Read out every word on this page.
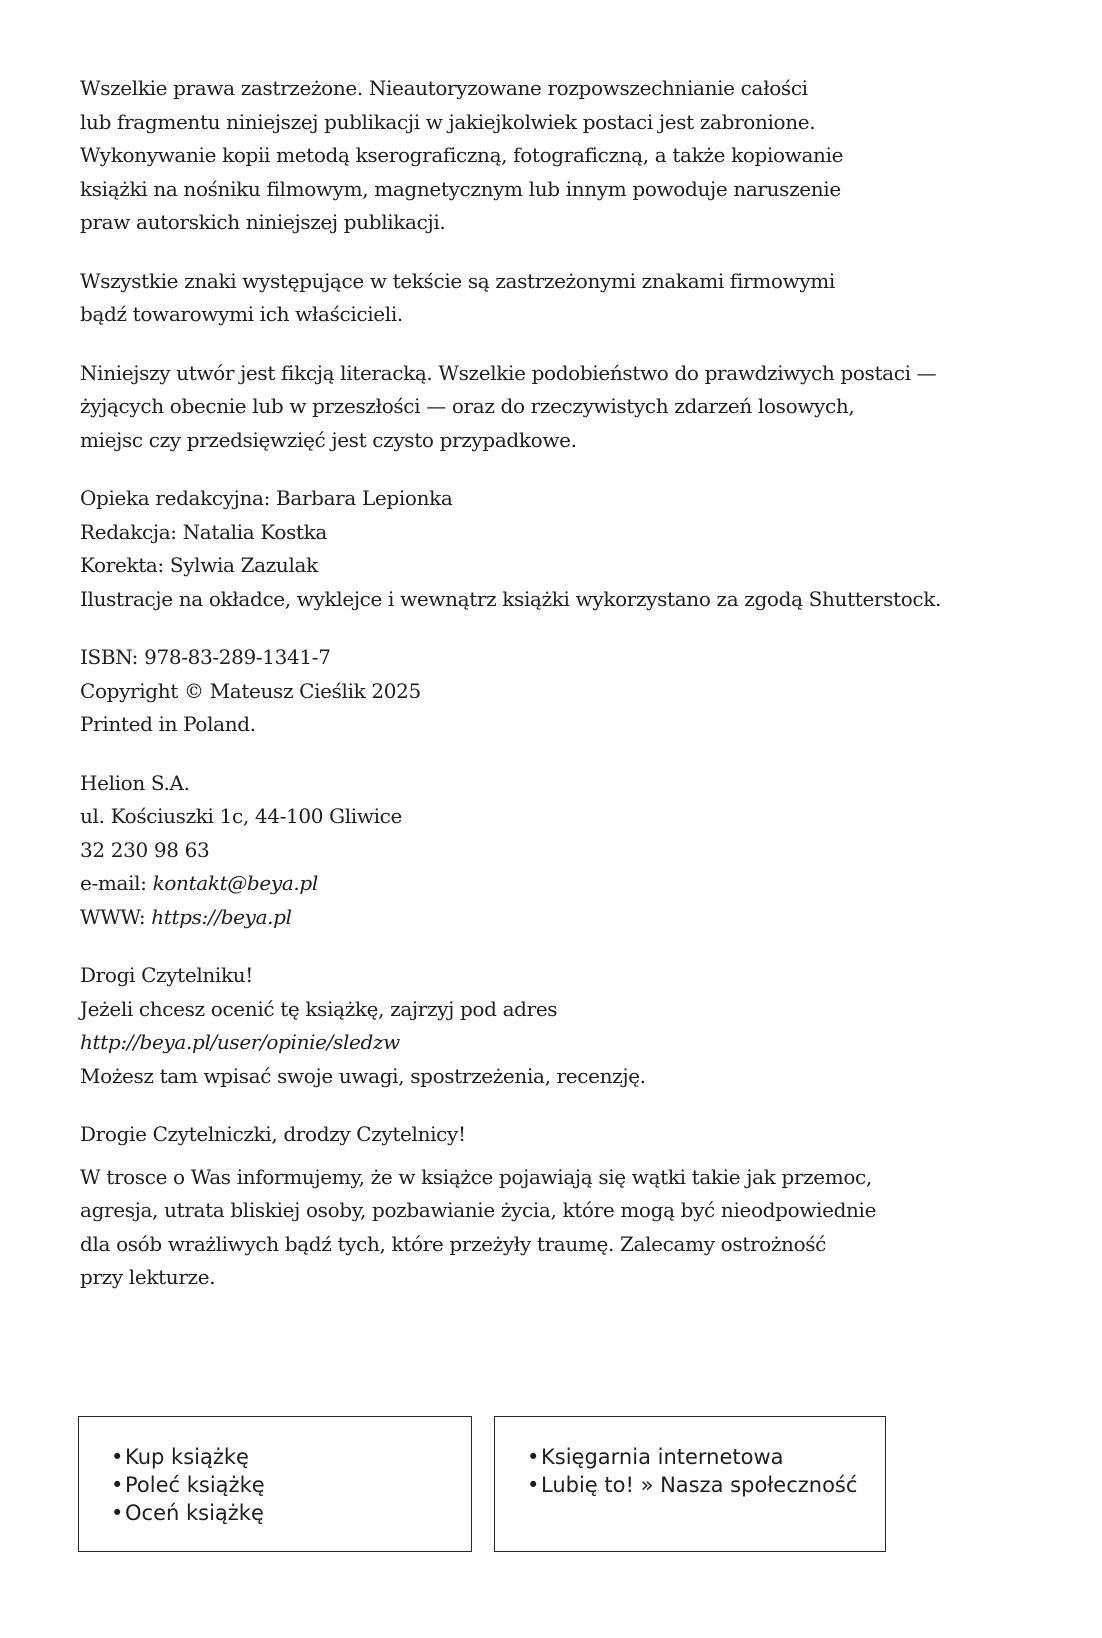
Wszelkie prawa zastrzeżone. Nieautoryzowane rozpowszechnianie całości
lub fragmentu niniejszej publikacji w jakiejkolwiek postaci jest zabronione.
Wykonywanie kopii metodą kserograficzną, fotograficzną, a także kopiowanie
książki na nośniku filmowym, magnetycznym lub innym powoduje naruszenie
praw autorskich niniejszej publikacji.

Wszystkie znaki występujące w tekście są zastrzeżonymi znakami firmowymi
bądź towarowymi ich właścicieli.

Niniejszy utwór jest fikcją literacką. Wszelkie podobieństwo do prawdziwych postaci —
żyjących obecnie lub w przeszłości — oraz do rzeczywistych zdarzeń losowych,
miejsc czy przedsięwzięć jest czysto przypadkowe.

Opieka redakcyjna: Barbara Lepionka
Redakcja: Natalia Kostka
Korekta: Sylwia Zazulak
Ilustracje na okładce, wyklejce i wewnątrz książki wykorzystano za zgodą Shutterstock.

ISBN: 978-83-289-1341-7
Copyright © Mateusz Cieślik 2025
Printed in Poland.

Helion S.A.
ul. Kościuszki 1c, 44-100 Gliwice
32 230 98 63
e-mail: kontakt@beya.pl
WWW: https://beya.pl

Drogi Czytelniku!
Jeżeli chcesz ocenić tę książkę, zajrzyj pod adres
http://beya.pl/user/opinie/sledzw
Możesz tam wpisać swoje uwagi, spostrzeżenia, recenzję.

Drogie Czytelniczki, drodzy Czytelnicy!

W trosce o Was informujemy, że w książce pojawiają się wątki takie jak przemoc,
agresja, utrata bliskiej osoby, pozbawianie życia, które mogą być nieodpowiednie
dla osób wrażliwych bądź tych, które przeżyły traumę. Zalecamy ostrożność
przy lekturze.

•Kup książkę
•Poleć książkę
•Oceń książkę
•Księgarnia internetowa
•Lubię to! » Nasza społeczność
